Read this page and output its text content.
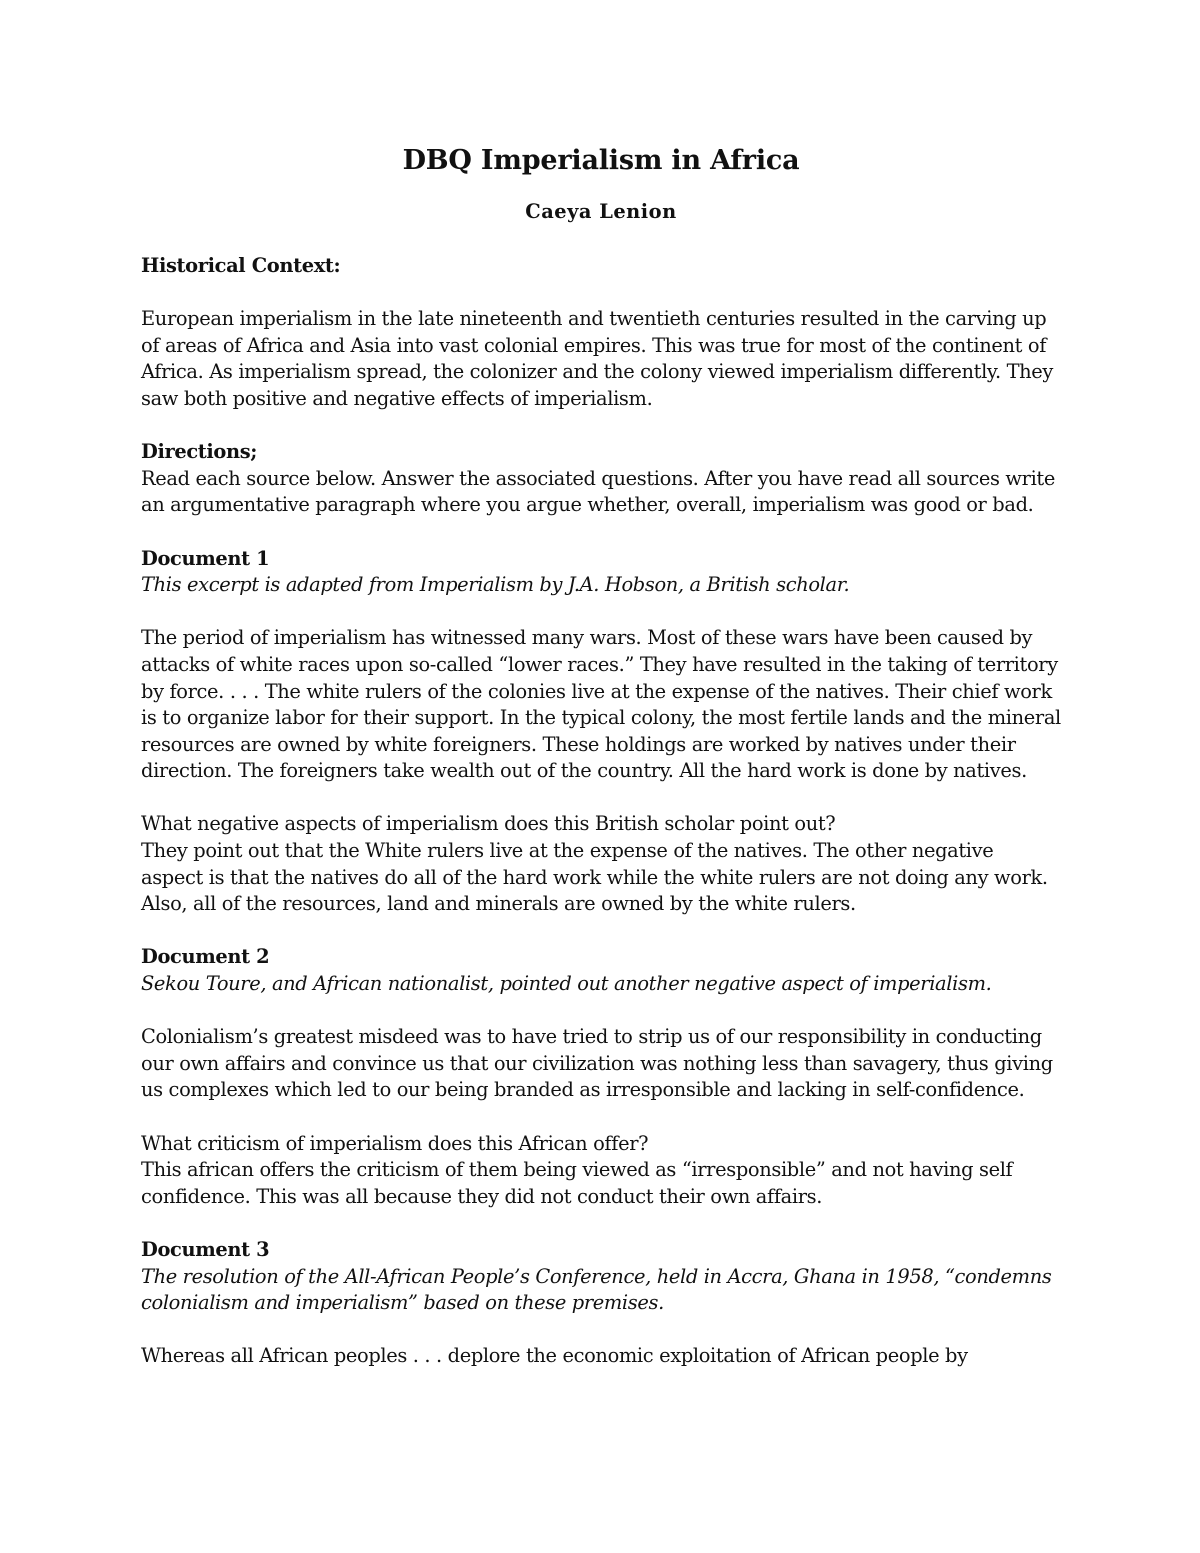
DBQ Imperialism in Africa
Caeya Lenion

Historical Context:

European imperialism in the late nineteenth and twentieth centuries resulted in the carving up of areas of Africa and Asia into vast colonial empires. This was true for most of the continent of Africa. As imperialism spread, the colonizer and the colony viewed imperialism differently. They saw both positive and negative effects of imperialism.

Directions;

Read each source below. Answer the associated questions. After you have read all sources write an argumentative paragraph where you argue whether, overall, imperialism was good or bad.

Document 1

This excerpt is adapted from Imperialism by J.A. Hobson, a British scholar.

The period of imperialism has witnessed many wars. Most of these wars have been caused by attacks of white races upon so-called “lower races.” They have resulted in the taking of territory by force. . . . The white rulers of the colonies live at the expense of the natives. Their chief work is to organize labor for their support. In the typical colony, the most fertile lands and the mineral resources are owned by white foreigners. These holdings are worked by natives under their direction. The foreigners take wealth out of the country. All the hard work is done by natives.

What negative aspects of imperialism does this British scholar point out?

They point out that the White rulers live at the expense of the natives. The other negative aspect is that the natives do all of the hard work while the white rulers are not doing any work. Also, all of the resources, land and minerals are owned by the white rulers.

Document 2

Sekou Toure, and African nationalist, pointed out another negative aspect of imperialism.

Colonialism’s greatest misdeed was to have tried to strip us of our responsibility in conducting our own affairs and convince us that our civilization was nothing less than savagery, thus giving us complexes which led to our being branded as irresponsible and lacking in self-confidence.

What criticism of imperialism does this African offer?

This african offers the criticism of them being viewed as “irresponsible” and not having self confidence. This was all because they did not conduct their own affairs.

Document 3

The resolution of the All-African People’s Conference, held in Accra, Ghana in 1958, “condemns colonialism and imperialism” based on these premises.

Whereas all African peoples . . . deplore the economic exploitation of African people by
